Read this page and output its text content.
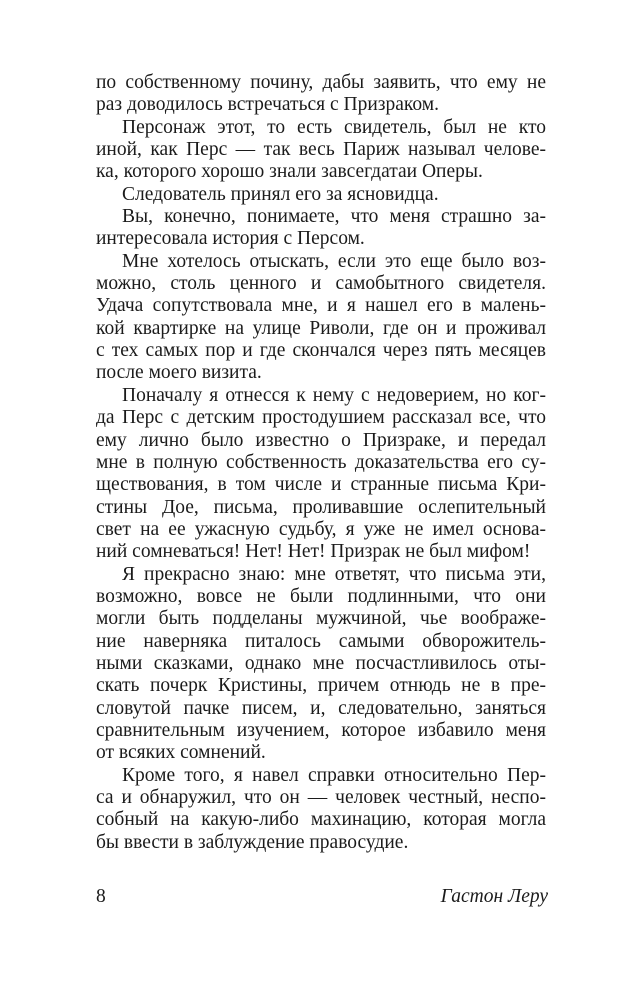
по собственному почину, дабы заявить, что ему не
раз доводилось встречаться с Призраком.

Персонаж этот, то есть свидетель, был не кто
иной, как Перс — так весь Париж называл челове-
ка, которого хорошо знали завсегдатаи Оперы.

Следователь принял его за ясновидца.

Вы, конечно, понимаете, что меня страшно за-
интересовала история с Персом.

Мне хотелось отыскать, если это еще было воз-
можно, столь ценного и самобытного свидетеля.
Удача сопутствовала мне, и я нашел его в малень-
кой квартирке на улице Риволи, где он и проживал
с тех самых пор и где скончался через пять месяцев
после моего визита.

Поначалу я отнесся к нему с недоверием, но ког-
да Перс с детским простодушием рассказал все, что
ему лично было известно о Призраке, и передал
мне в полную собственность доказательства его су-
ществования, в том числе и странные письма Кри-
стины Дое, письма, проливавшие ослепительный
свет на ее ужасную судьбу, я уже не имел основа-
ний сомневаться! Нет! Нет! Призрак не был мифом!

Я прекрасно знаю: мне ответят, что письма эти,
возможно, вовсе не были подлинными, что они
могли быть подделаны мужчиной, чье воображе-
ние наверняка питалось самыми обворожитель-
ными сказками, однако мне посчастливилось оты-
скать почерк Кристины, причем отнюдь не в пре-
словутой пачке писем, и, следовательно, заняться
сравнительным изучением, которое избавило меня
от всяких сомнений.

Кроме того, я навел справки относительно Пер-
са и обнаружил, что он — человек честный, неспо-
собный на какую-либо махинацию, которая могла
бы ввести в заблуждение правосудие.

8	Гастон Леру
